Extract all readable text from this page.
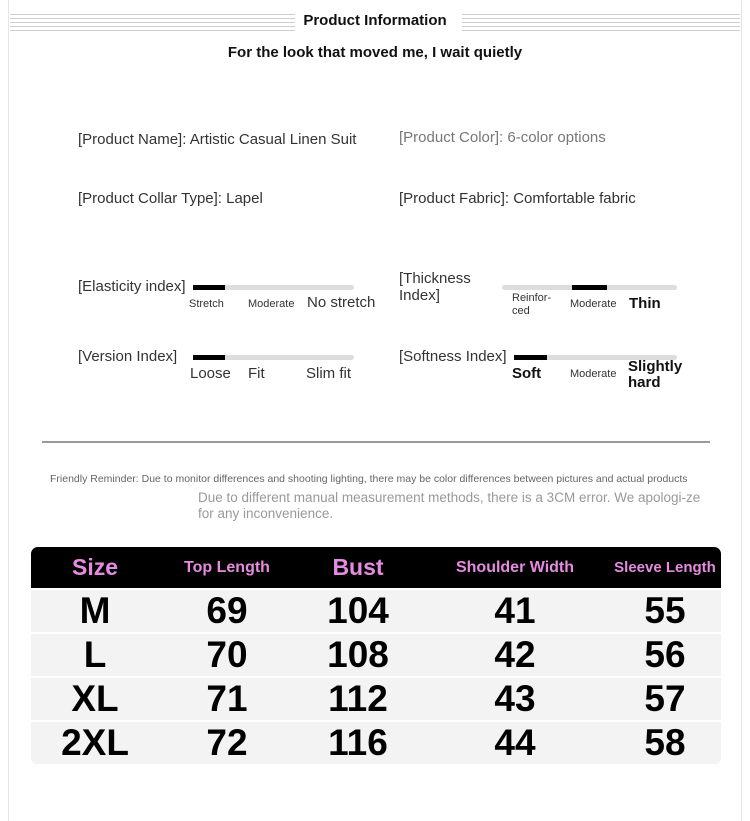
Product Information
For the look that moved me, I wait quietly
[Product Name]: Artistic Casual Linen Suit	[Product Color]: 6-color options
[Product Collar Type]: Lapel	[Product Fabric]: Comfortable fabric
[Elasticity index]
Stretch Moderate No stretch
[Thickness Index]	Reinfor-ced
Moderate Thin
[Version Index]
Loose Fit	Slim fit
[Softness Index]
Soft	Moderate Slightly hard
Friendly Reminder: Due to monitor differences and shooting lighting, there may be color differences between pictures and actual products
Due to different manual measurement methods, there is a 3CM error. We apologi-ze for any inconvenience.
Size	Top Length	Bust	Shoulder Width	Sleeve Length
M	69	104	41	55
L	70	108	42	56
XL	71	112	43	57
2XL	72	116	44	58
